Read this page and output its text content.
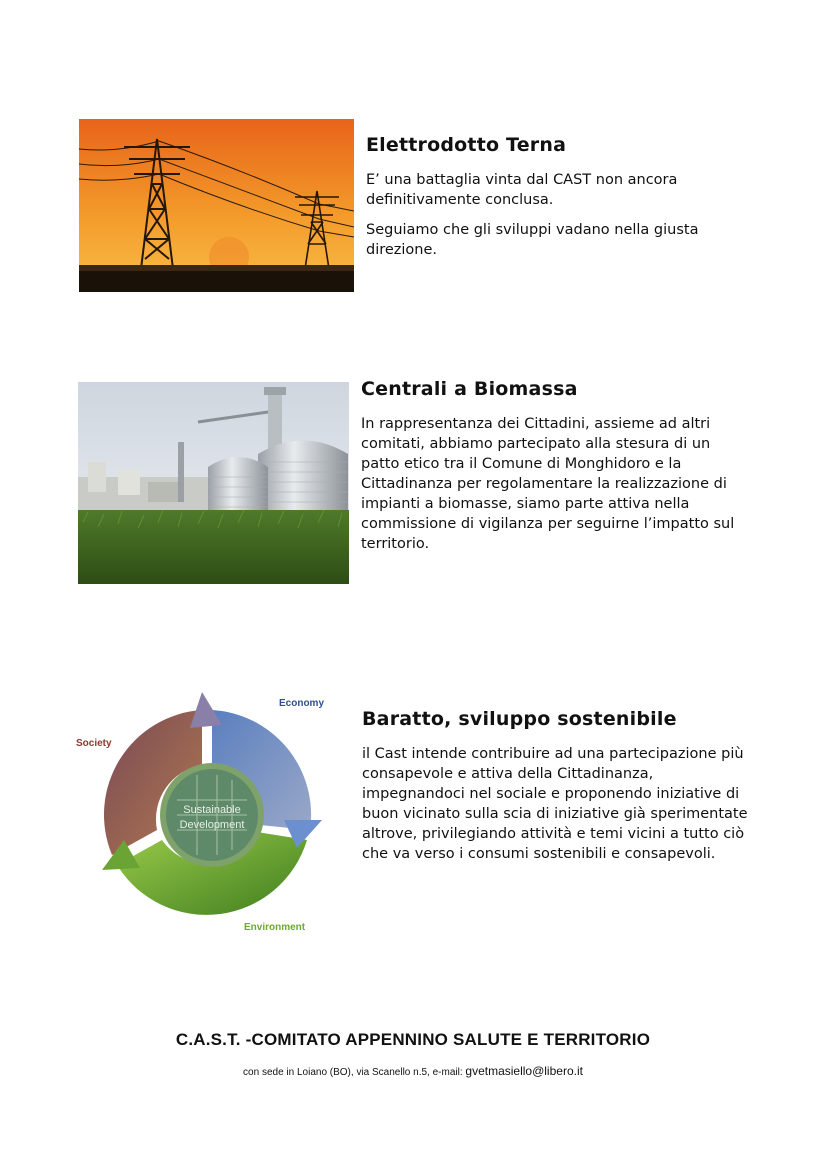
Elettrodotto Terna

E’ una battaglia vinta dal CAST non ancora definitivamente conclusa.

Seguiamo che gli sviluppi vadano nella giusta direzione.

Centrali a Biomassa

In rappresentanza dei Cittadini, assieme ad altri comitati, abbiamo partecipato alla stesura di un patto etico tra il Comune di Monghidoro e la Cittadinanza per regolamentare la realizzazione di impianti a biomasse, siamo parte attiva nella commissione di vigilanza per seguirne l’impatto sul territorio.

Sustainable
Development
Society
Economy
Environment
Baratto, sviluppo sostenibile

il Cast intende contribuire ad una partecipazione più consapevole e attiva della Cittadinanza, impegnandoci nel sociale e proponendo iniziative di buon vicinato sulla scia di iniziative già sperimentate altrove, privilegiando attività e temi vicini a tutto ciò che va verso i consumi sostenibili e consapevoli.

C.A.S.T. -COMITATO APPENNINO SALUTE E TERRITORIO
con sede in Loiano (BO), via Scanello n.5, e-mail: gvetmasiello@libero.it
